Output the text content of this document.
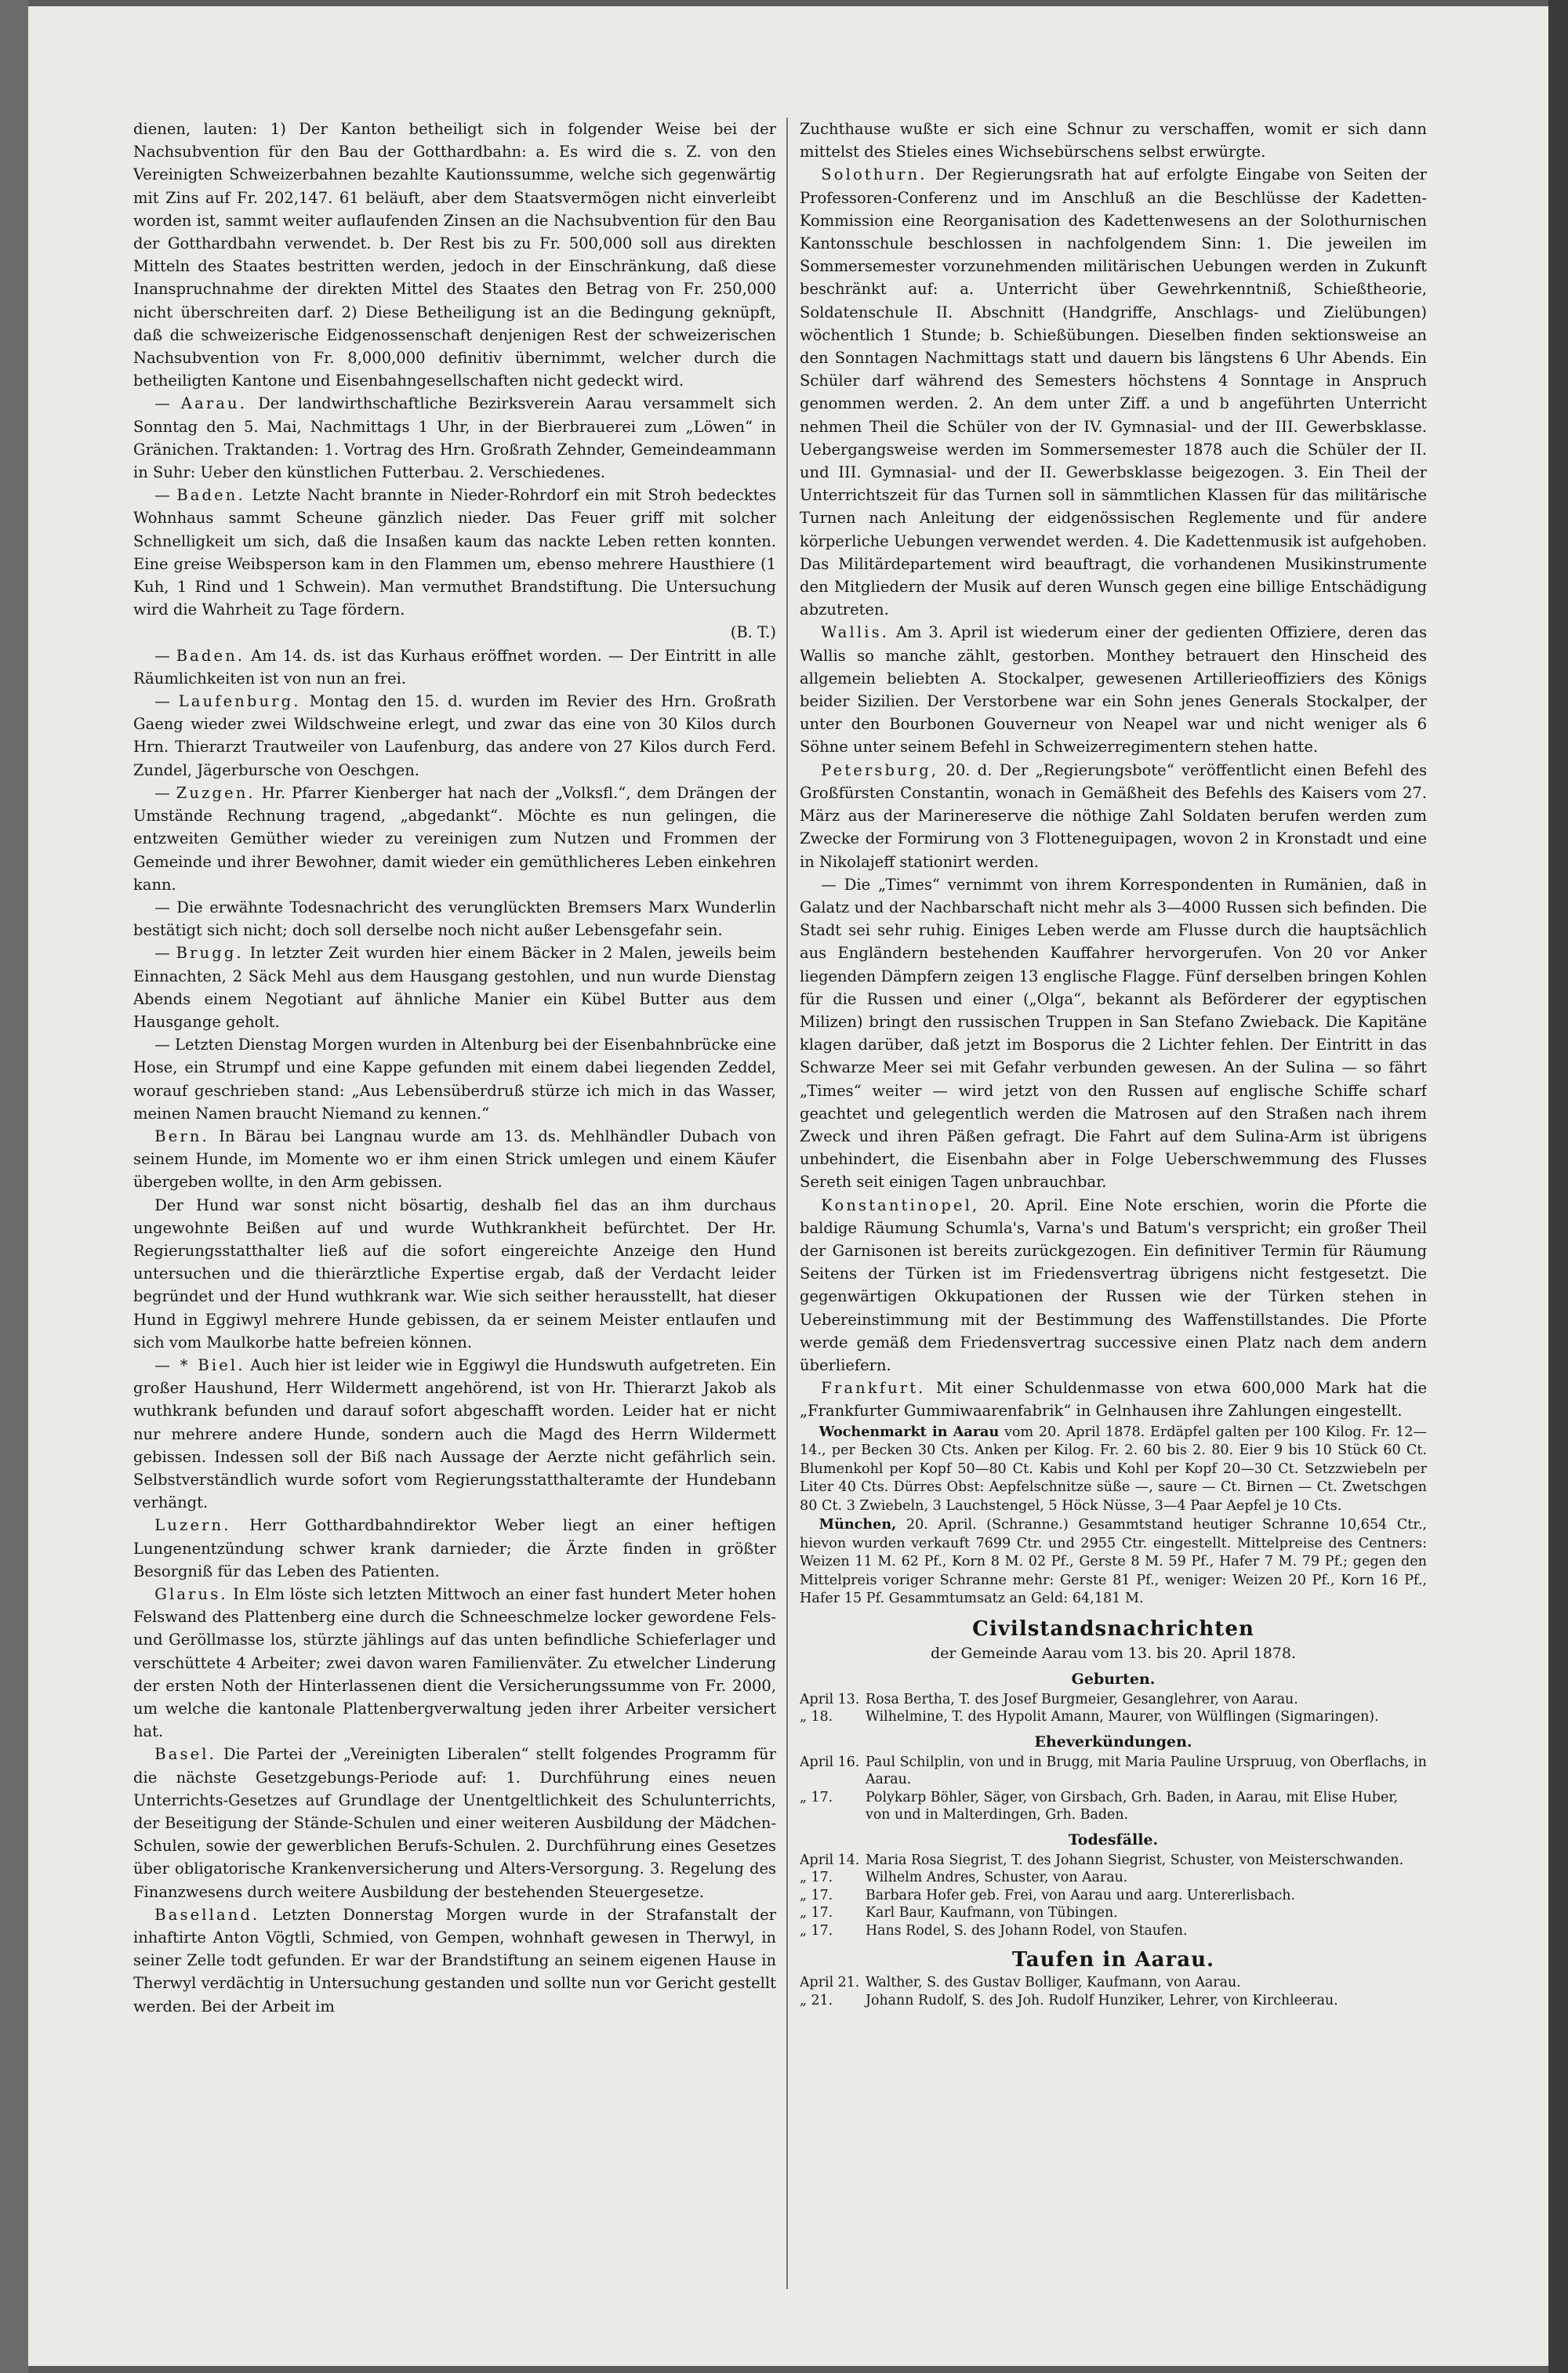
dienen, lauten: 1) Der Kanton betheiligt sich in folgender Weise bei der Nachsubvention für den Bau der Gotthardbahn: a. Es wird die s. Z. von den Vereinigten Schweizerbahnen bezahlte Kautionssumme, welche sich gegenwärtig mit Zins auf Fr. 202,147. 61 beläuft, aber dem Staatsvermögen nicht einverleibt worden ist, sammt weiter auflaufenden Zinsen an die Nachsubvention für den Bau der Gotthardbahn verwendet. b. Der Rest bis zu Fr. 500,000 soll aus direkten Mitteln des Staates bestritten werden, jedoch in der Einschränkung, daß diese Inanspruchnahme der direkten Mittel des Staates den Betrag von Fr. 250,000 nicht überschreiten darf. 2) Diese Betheiligung ist an die Bedingung geknüpft, daß die schweizerische Eidgenossenschaft denjenigen Rest der schweizerischen Nachsubvention von Fr. 8,000,000 definitiv übernimmt, welcher durch die betheiligten Kantone und Eisenbahngesellschaften nicht gedeckt wird.

— Aarau. Der landwirthschaftliche Bezirksverein Aarau versammelt sich Sonntag den 5. Mai, Nachmittags 1 Uhr, in der Bierbrauerei zum „Löwen“ in Gränichen. Traktanden: 1. Vortrag des Hrn. Großrath Zehnder, Gemeindeammann in Suhr: Ueber den künstlichen Futterbau. 2. Verschiedenes.

— Baden. Letzte Nacht brannte in Nieder-Rohrdorf ein mit Stroh bedecktes Wohnhaus sammt Scheune gänzlich nieder. Das Feuer griff mit solcher Schnelligkeit um sich, daß die Insaßen kaum das nackte Leben retten konnten. Eine greise Weibsperson kam in den Flammen um, ebenso mehrere Hausthiere (1 Kuh, 1 Rind und 1 Schwein). Man vermuthet Brandstiftung. Die Untersuchung wird die Wahrheit zu Tage fördern.
(B. T.)

— Baden. Am 14. ds. ist das Kurhaus eröffnet worden. — Der Eintritt in alle Räumlichkeiten ist von nun an frei.

— Laufenburg. Montag den 15. d. wurden im Revier des Hrn. Großrath Gaeng wieder zwei Wildschweine erlegt, und zwar das eine von 30 Kilos durch Hrn. Thierarzt Trautweiler von Laufenburg, das andere von 27 Kilos durch Ferd. Zundel, Jägerbursche von Oeschgen.

— Zuzgen. Hr. Pfarrer Kienberger hat nach der „Volksfl.“, dem Drängen der Umstände Rechnung tragend, „abgedankt“. Möchte es nun gelingen, die entzweiten Gemüther wieder zu vereinigen zum Nutzen und Frommen der Gemeinde und ihrer Bewohner, damit wieder ein gemüthlicheres Leben einkehren kann.

— Die erwähnte Todesnachricht des verunglückten Bremsers Marx Wunderlin bestätigt sich nicht; doch soll derselbe noch nicht außer Lebensgefahr sein.

— Brugg. In letzter Zeit wurden hier einem Bäcker in 2 Malen, jeweils beim Einnachten, 2 Säck Mehl aus dem Hausgang gestohlen, und nun wurde Dienstag Abends einem Negotiant auf ähnliche Manier ein Kübel Butter aus dem Hausgange geholt.

— Letzten Dienstag Morgen wurden in Altenburg bei der Eisenbahnbrücke eine Hose, ein Strumpf und eine Kappe gefunden mit einem dabei liegenden Zeddel, worauf geschrieben stand: „Aus Lebensüberdruß stürze ich mich in das Wasser, meinen Namen braucht Niemand zu kennen.“

Bern. In Bärau bei Langnau wurde am 13. ds. Mehlhändler Dubach von seinem Hunde, im Momente wo er ihm einen Strick umlegen und einem Käufer übergeben wollte, in den Arm gebissen.

Der Hund war sonst nicht bösartig, deshalb fiel das an ihm durchaus ungewohnte Beißen auf und wurde Wuthkrankheit befürchtet. Der Hr. Regierungsstatthalter ließ auf die sofort eingereichte Anzeige den Hund untersuchen und die thierärztliche Expertise ergab, daß der Verdacht leider begründet und der Hund wuthkrank war. Wie sich seither herausstellt, hat dieser Hund in Eggiwyl mehrere Hunde gebissen, da er seinem Meister entlaufen und sich vom Maulkorbe hatte befreien können.

— * Biel. Auch hier ist leider wie in Eggiwyl die Hundswuth aufgetreten. Ein großer Haushund, Herr Wildermett angehörend, ist von Hr. Thierarzt Jakob als wuthkrank befunden und darauf sofort abgeschafft worden. Leider hat er nicht nur mehrere andere Hunde, sondern auch die Magd des Herrn Wildermett gebissen. Indessen soll der Biß nach Aussage der Aerzte nicht gefährlich sein. Selbstverständlich wurde sofort vom Regierungsstatthalteramte der Hundebann verhängt.

Luzern. Herr Gotthardbahndirektor Weber liegt an einer heftigen Lungenentzündung schwer krank darnieder; die Ärzte finden in größter Besorgniß für das Leben des Patienten.

Glarus. In Elm löste sich letzten Mittwoch an einer fast hundert Meter hohen Felswand des Plattenberg eine durch die Schneeschmelze locker gewordene Fels- und Geröllmasse los, stürzte jählings auf das unten befindliche Schieferlager und verschüttete 4 Arbeiter; zwei davon waren Familienväter. Zu etwelcher Linderung der ersten Noth der Hinterlassenen dient die Versicherungssumme von Fr. 2000, um welche die kantonale Plattenbergverwaltung jeden ihrer Arbeiter versichert hat.

Basel. Die Partei der „Vereinigten Liberalen“ stellt folgendes Programm für die nächste Gesetzgebungs-Periode auf: 1. Durchführung eines neuen Unterrichts-Gesetzes auf Grundlage der Unentgeltlichkeit des Schulunterrichts, der Beseitigung der Stände-Schulen und einer weiteren Ausbildung der Mädchen-Schulen, sowie der gewerblichen Berufs-Schulen. 2. Durchführung eines Gesetzes über obligatorische Krankenversicherung und Alters-Versorgung. 3. Regelung des Finanzwesens durch weitere Ausbildung der bestehenden Steuergesetze.

Baselland. Letzten Donnerstag Morgen wurde in der Strafanstalt der inhaftirte Anton Vögtli, Schmied, von Gempen, wohnhaft gewesen in Therwyl, in seiner Zelle todt gefunden. Er war der Brandstiftung an seinem eigenen Hause in Therwyl verdächtig in Untersuchung gestanden und sollte nun vor Gericht gestellt werden. Bei der Arbeit im

Zuchthause wußte er sich eine Schnur zu verschaffen, womit er sich dann mittelst des Stieles eines Wichsebürschens selbst erwürgte.

Solothurn. Der Regierungsrath hat auf erfolgte Eingabe von Seiten der Professoren-Conferenz und im Anschluß an die Beschlüsse der Kadetten-Kommission eine Reorganisation des Kadettenwesens an der Solothurnischen Kantonsschule beschlossen in nachfolgendem Sinn: 1. Die jeweilen im Sommersemester vorzunehmenden militärischen Uebungen werden in Zukunft beschränkt auf: a. Unterricht über Gewehrkenntniß, Schießtheorie, Soldatenschule II. Abschnitt (Handgriffe, Anschlags- und Zielübungen) wöchentlich 1 Stunde; b. Schießübungen. Dieselben finden sektionsweise an den Sonntagen Nachmittags statt und dauern bis längstens 6 Uhr Abends. Ein Schüler darf während des Semesters höchstens 4 Sonntage in Anspruch genommen werden. 2. An dem unter Ziff. a und b angeführten Unterricht nehmen Theil die Schüler von der IV. Gymnasial- und der III. Gewerbsklasse. Uebergangsweise werden im Sommersemester 1878 auch die Schüler der II. und III. Gymnasial- und der II. Gewerbsklasse beigezogen. 3. Ein Theil der Unterrichtszeit für das Turnen soll in sämmtlichen Klassen für das militärische Turnen nach Anleitung der eidgenössischen Reglemente und für andere körperliche Uebungen verwendet werden. 4. Die Kadettenmusik ist aufgehoben. Das Militärdepartement wird beauftragt, die vorhandenen Musikinstrumente den Mitgliedern der Musik auf deren Wunsch gegen eine billige Entschädigung abzutreten.

Wallis. Am 3. April ist wiederum einer der gedienten Offiziere, deren das Wallis so manche zählt, gestorben. Monthey betrauert den Hinscheid des allgemein beliebten A. Stockalper, gewesenen Artillerieoffiziers des Königs beider Sizilien. Der Verstorbene war ein Sohn jenes Generals Stockalper, der unter den Bourbonen Gouverneur von Neapel war und nicht weniger als 6 Söhne unter seinem Befehl in Schweizerregimentern stehen hatte.

Petersburg, 20. d. Der „Regierungsbote“ veröffentlicht einen Befehl des Großfürsten Constantin, wonach in Gemäßheit des Befehls des Kaisers vom 27. März aus der Marinereserve die nöthige Zahl Soldaten berufen werden zum Zwecke der Formirung von 3 Flotteneguipagen, wovon 2 in Kronstadt und eine in Nikolajeff stationirt werden.

— Die „Times“ vernimmt von ihrem Korrespondenten in Rumänien, daß in Galatz und der Nachbarschaft nicht mehr als 3—4000 Russen sich befinden. Die Stadt sei sehr ruhig. Einiges Leben werde am Flusse durch die hauptsächlich aus Engländern bestehenden Kauffahrer hervorgerufen. Von 20 vor Anker liegenden Dämpfern zeigen 13 englische Flagge. Fünf derselben bringen Kohlen für die Russen und einer („Olga“, bekannt als Beförderer der egyptischen Milizen) bringt den russischen Truppen in San Stefano Zwieback. Die Kapitäne klagen darüber, daß jetzt im Bosporus die 2 Lichter fehlen. Der Eintritt in das Schwarze Meer sei mit Gefahr verbunden gewesen. An der Sulina — so fährt „Times“ weiter — wird jetzt von den Russen auf englische Schiffe scharf geachtet und gelegentlich werden die Matrosen auf den Straßen nach ihrem Zweck und ihren Päßen gefragt. Die Fahrt auf dem Sulina-Arm ist übrigens unbehindert, die Eisenbahn aber in Folge Ueberschwemmung des Flusses Sereth seit einigen Tagen unbrauchbar.

Konstantinopel, 20. April. Eine Note erschien, worin die Pforte die baldige Räumung Schumla's, Varna's und Batum's verspricht; ein großer Theil der Garnisonen ist bereits zurückgezogen. Ein definitiver Termin für Räumung Seitens der Türken ist im Friedensvertrag übrigens nicht festgesetzt. Die gegenwärtigen Okkupationen der Russen wie der Türken stehen in Uebereinstimmung mit der Bestimmung des Waffenstillstandes. Die Pforte werde gemäß dem Friedensvertrag successive einen Platz nach dem andern überliefern.

Frankfurt. Mit einer Schuldenmasse von etwa 600,000 Mark hat die „Frankfurter Gummiwaarenfabrik“ in Gelnhausen ihre Zahlungen eingestellt.

Wochenmarkt in Aarau vom 20. April 1878. Erdäpfel galten per 100 Kilog. Fr. 12—14., per Becken 30 Cts. Anken per Kilog. Fr. 2. 60 bis 2. 80. Eier 9 bis 10 Stück 60 Ct. Blumenkohl per Kopf 50—80 Ct. Kabis und Kohl per Kopf 20—30 Ct. Setzzwiebeln per Liter 40 Cts. Dürres Obst: Aepfelschnitze süße —, saure — Ct. Birnen — Ct. Zwetschgen 80 Ct. 3 Zwiebeln, 3 Lauchstengel, 5 Höck Nüsse, 3—4 Paar Aepfel je 10 Cts.

München, 20. April. (Schranne.) Gesammtstand heutiger Schranne 10,654 Ctr., hievon wurden verkauft 7699 Ctr. und 2955 Ctr. eingestellt. Mittelpreise des Centners: Weizen 11 M. 62 Pf., Korn 8 M. 02 Pf., Gerste 8 M. 59 Pf., Hafer 7 M. 79 Pf.; gegen den Mittelpreis voriger Schranne mehr: Gerste 81 Pf., weniger: Weizen 20 Pf., Korn 16 Pf., Hafer 15 Pf. Gesammtumsatz an Geld: 64,181 M.

Civilstandsnachrichten
der Gemeinde Aarau vom 13. bis 20. April 1878.
Geburten.
April 13. Rosa Bertha, T. des Josef Burgmeier, Gesanglehrer, von Aarau.
„ 18.	Wilhelmine, T. des Hypolit Amann, Maurer, von Wülflingen (Sigmaringen).
Eheverkündungen.
April 16. Paul Schilplin, von und in Brugg, mit Maria Pauline Urspruug, von Oberflachs, in Aarau.
„ 17.	Polykarp Böhler, Säger, von Girsbach, Grh. Baden, in Aarau, mit Elise Huber, von und in Malterdingen, Grh. Baden.
Todesfälle.
April 14. Maria Rosa Siegrist, T. des Johann Siegrist, Schuster, von Meisterschwanden.
„ 17.	Wilhelm Andres, Schuster, von Aarau.
„ 17.	Barbara Hofer geb. Frei, von Aarau und aarg. Untererlisbach.
„ 17.	Karl Baur, Kaufmann, von Tübingen.
„ 17.	Hans Rodel, S. des Johann Rodel, von Staufen.
Taufen in Aarau.
April 21. Walther, S. des Gustav Bolliger, Kaufmann, von Aarau.
„ 21.	Johann Rudolf, S. des Joh. Rudolf Hunziker, Lehrer, von Kirchleerau.
